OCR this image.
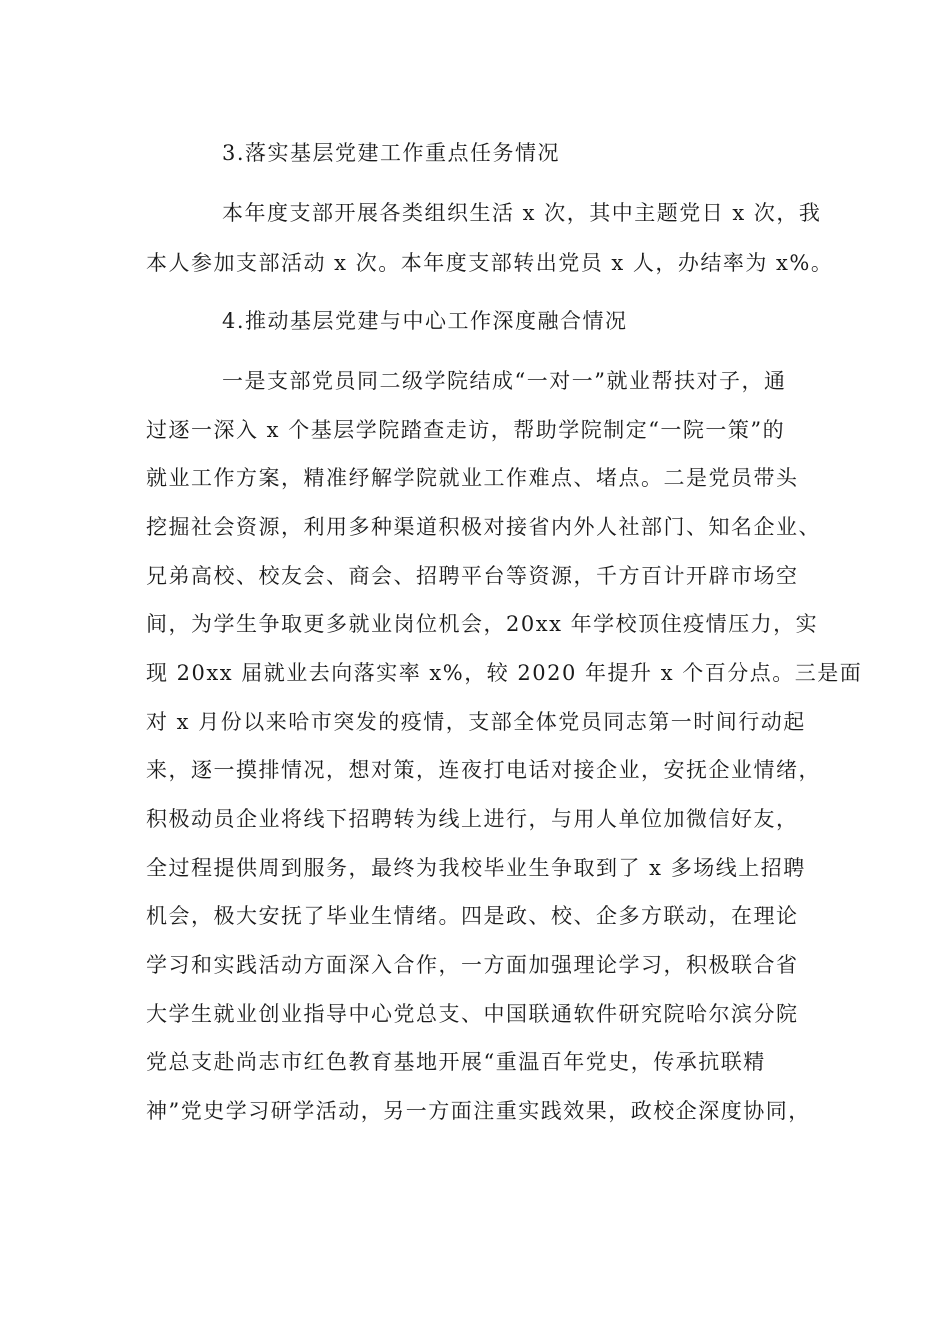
3.落实基层党建工作重点任务情况
本年度支部开展各类组织生活 x 次，其中主题党日 x 次，我
本人参加支部活动 x 次。本年度支部转出党员 x 人，办结率为 x%。
4.推动基层党建与中心工作深度融合情况
一是支部党员同二级学院结成“一对一”就业帮扶对子，通
过逐一深入 x 个基层学院踏查走访，帮助学院制定“一院一策”的
就业工作方案，精准纾解学院就业工作难点、堵点。二是党员带头
挖掘社会资源，利用多种渠道积极对接省内外人社部门、知名企业、
兄弟高校、校友会、商会、招聘平台等资源，千方百计开辟市场空
间，为学生争取更多就业岗位机会，20xx 年学校顶住疫情压力，实
现 20xx 届就业去向落实率 x%，较 2020 年提升 x 个百分点。三是面
对 x 月份以来哈市突发的疫情，支部全体党员同志第一时间行动起
来，逐一摸排情况，想对策，连夜打电话对接企业，安抚企业情绪，
积极动员企业将线下招聘转为线上进行，与用人单位加微信好友，
全过程提供周到服务，最终为我校毕业生争取到了 x 多场线上招聘
机会，极大安抚了毕业生情绪。四是政、校、企多方联动，在理论
学习和实践活动方面深入合作，一方面加强理论学习，积极联合省
大学生就业创业指导中心党总支、中国联通软件研究院哈尔滨分院
党总支赴尚志市红色教育基地开展“重温百年党史，传承抗联精
神”党史学习研学活动，另一方面注重实践效果，政校企深度协同，
